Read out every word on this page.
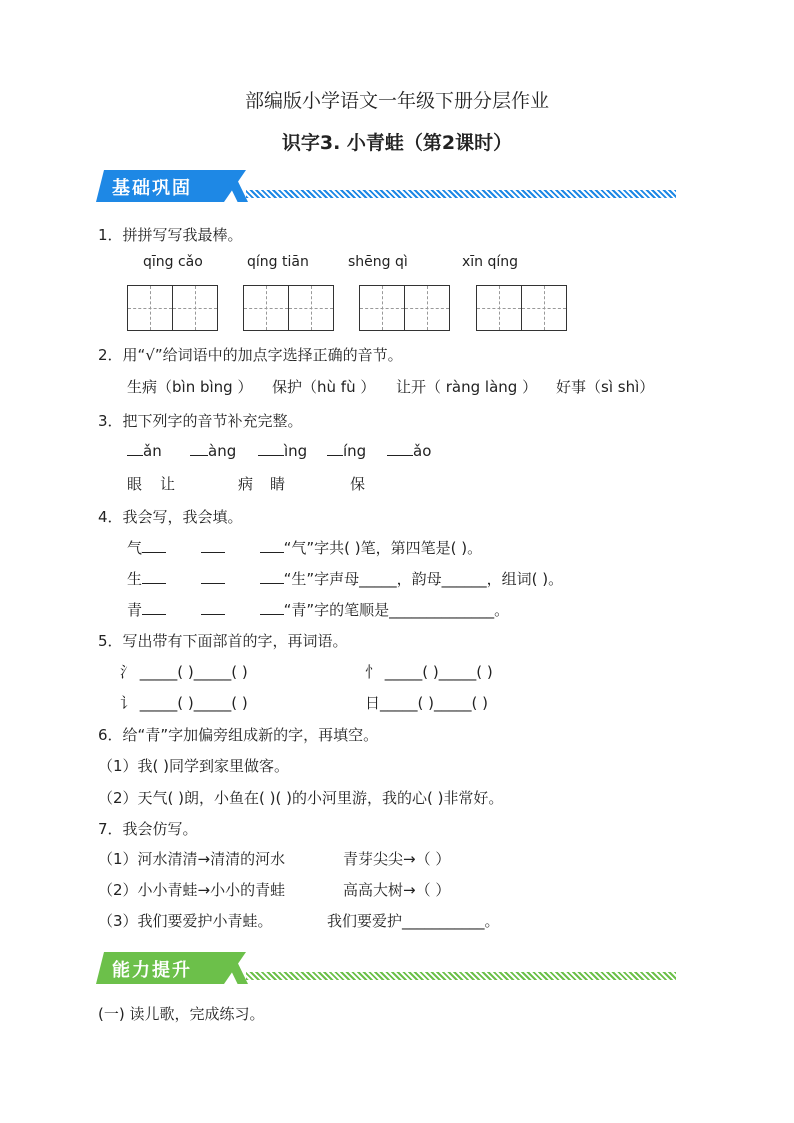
部编版小学语文一年级下册分层作业
识字3. 小青蛙（第2课时）
基础巩固
1．拼拼写写我最棒。
qīng cǎo	qíng tiān	shēng qì	xīn qíng
2．用“√”给词语中的加点字选择正确的音节。
生病（bìn bìng ） 保护（hù fù ） 让开（ ràng làng ） 好事（sì shì）
3．把下列字的音节补充完整。
ǎn	àng	ìng	íng	ǎo
眼 让	病 睛	保
4．我会写，我会填。
气	“气”字共( )笔，第四笔是( )。
生	“生”字声母_____，韵母______，组词( )。
青	“青”字的笔顺是______________。
5．写出带有下面部首的字，再词语。
氵 _____( )_____( )	忄 _____( )_____( )
讠 _____( )_____( )	日_____( )_____( )
6．给“青”字加偏旁组成新的字，再填空。
（1）我( )同学到家里做客。
（2）天气( )朗，小鱼在( )( )的小河里游，我的心( )非常好。
7．我会仿写。
（1）河水清清→清清的河水	青芽尖尖→（ ）
（2）小小青蛙→小小的青蛙	高高大树→（ ）
（3）我们要爱护小青蛙。	我们要爱护___________。
能力提升
(一) 读儿歌，完成练习。
